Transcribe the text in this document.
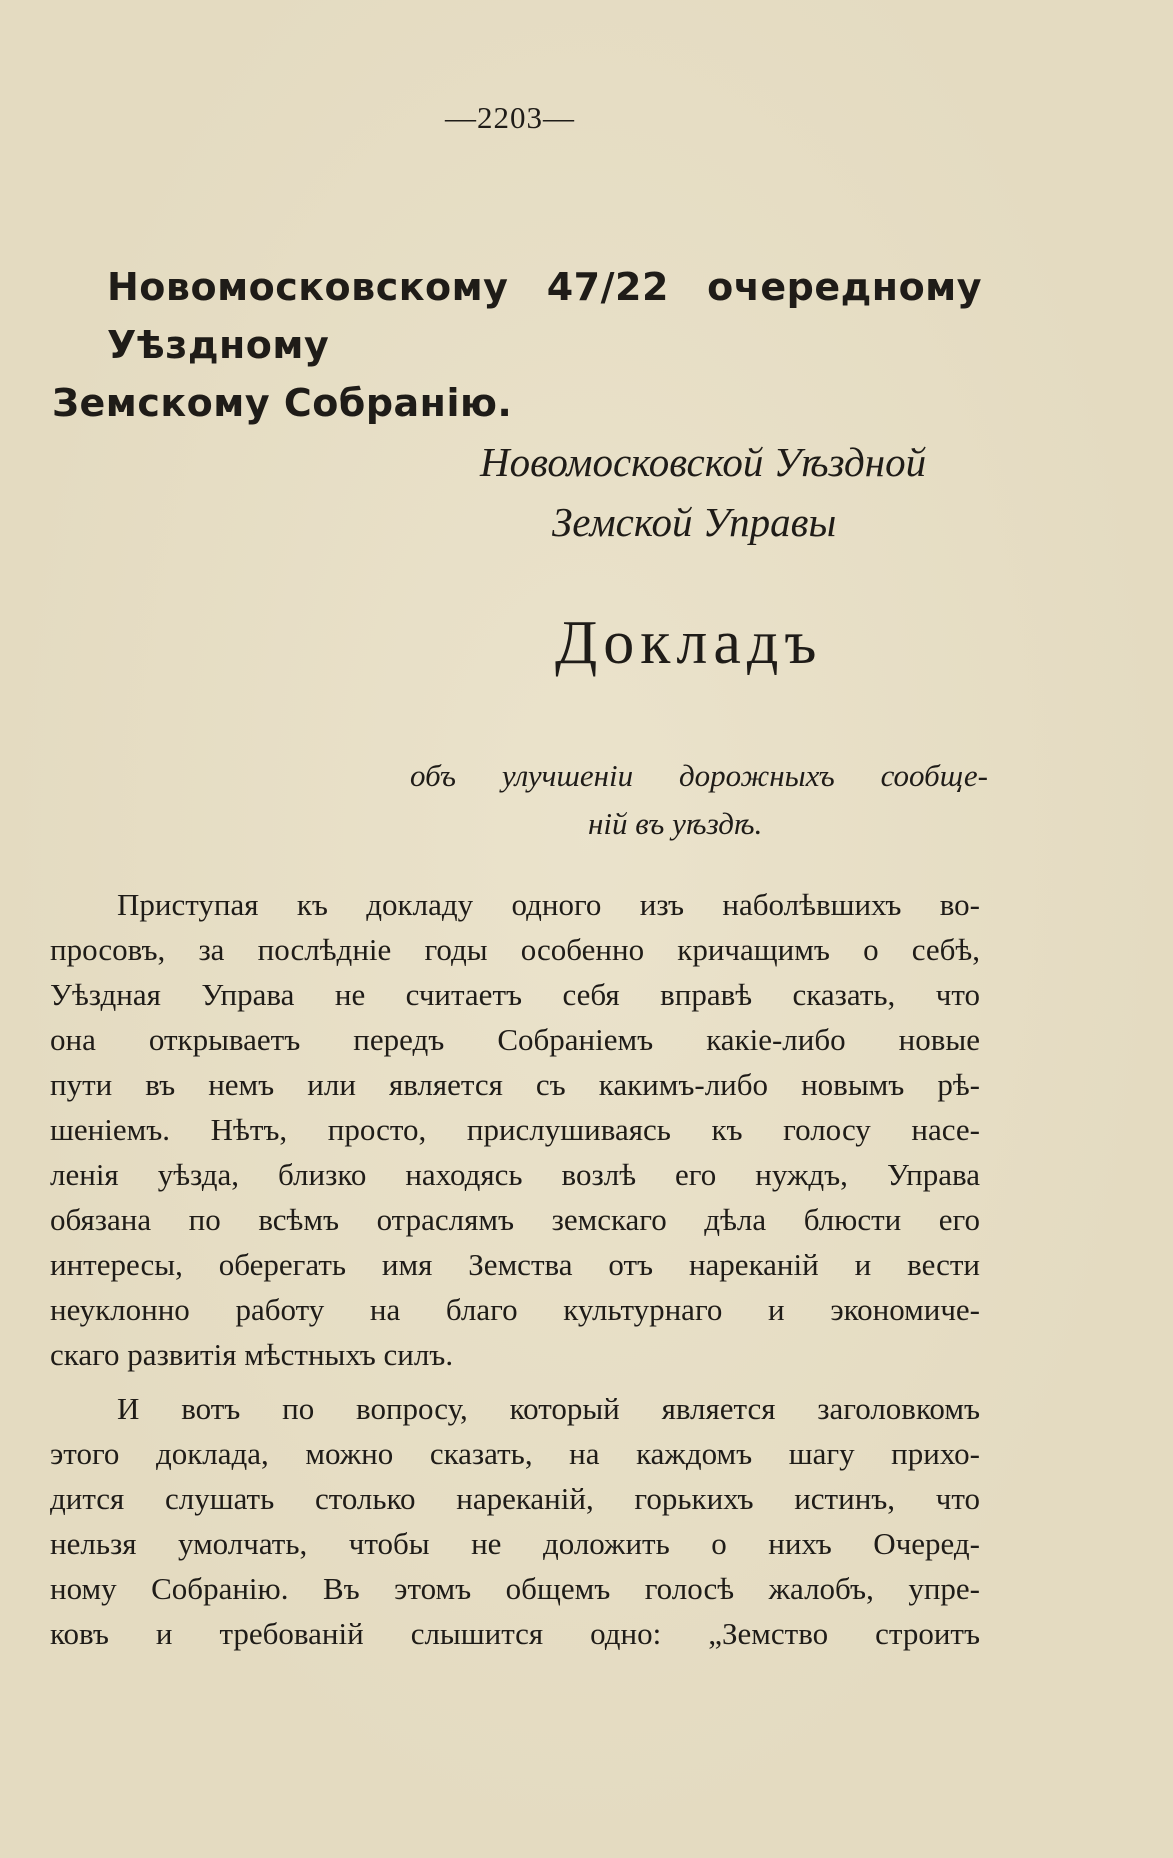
—2203—
Новомосковскому 47/22 очередному Уѣздному
Земскому Собранію.
Новомосковской Уѣздной
Земской Управы
Докладъ
объ улучшеніи дорожныхъ сообще-
ній въ уѣздѣ.
Приступая къ докладу одного изъ наболѣвшихъ во-
просовъ, за послѣдніе годы особенно кричащимъ о себѣ,
Уѣздная Управа не считаетъ себя вправѣ сказать, что
она открываетъ передъ Собраніемъ какіе-либо новые
пути въ немъ или является съ какимъ-либо новымъ рѣ-
шеніемъ. Нѣтъ, просто, прислушиваясь къ голосу насе-
ленія уѣзда, близко находясь возлѣ его нуждъ, Управа
обязана по всѣмъ отраслямъ земскаго дѣла блюсти его
интересы, оберегать имя Земства отъ нареканій и вести
неуклонно работу на благо культурнаго и экономиче-
скаго развитія мѣстныхъ силъ.
И вотъ по вопросу, который является заголовкомъ
этого доклада, можно сказать, на каждомъ шагу прихо-
дится слушать столько нареканій, горькихъ истинъ, что
нельзя умолчать, чтобы не доложить о нихъ Очеред-
ному Собранію. Въ этомъ общемъ голосѣ жалобъ, упре-
ковъ и требованій слышится одно: „Земство строитъ
